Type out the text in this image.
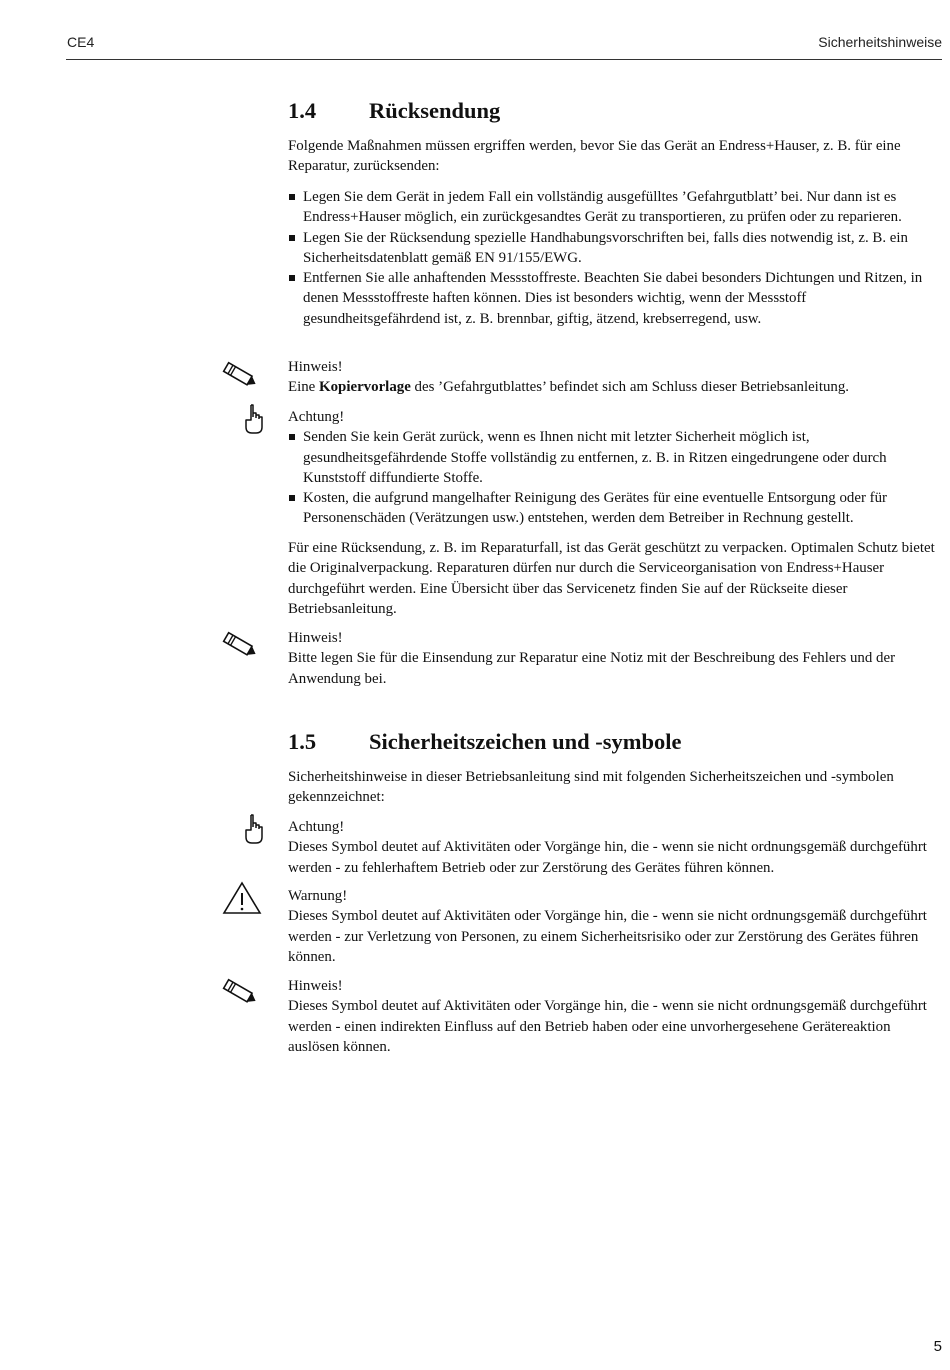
CE4	Sicherheitshinweise
1.4 Rücksendung

Folgende Maßnahmen müssen ergriffen werden, bevor Sie das Gerät an Endress+Hauser, z. B. für eine Reparatur, zurücksenden:

Legen Sie dem Gerät in jedem Fall ein vollständig ausgefülltes ’Gefahrgutblatt’ bei. Nur dann ist es Endress+Hauser möglich, ein zurückgesandtes Gerät zu transportieren, zu prüfen oder zu reparieren.
Legen Sie der Rücksendung spezielle Handhabungsvorschriften bei, falls dies notwendig ist, z. B. ein Sicherheitsdatenblatt gemäß EN 91/155/EWG.
Entfernen Sie alle anhaftenden Messstoffreste. Beachten Sie dabei besonders Dichtungen und Ritzen, in denen Messstoffreste haften können. Dies ist besonders wichtig, wenn der Messstoff gesundheitsgefährdend ist, z. B. brennbar, giftig, ätzend, krebserregend, usw.
Hinweis!

Eine Kopiervorlage des ’Gefahrgutblattes’ befindet sich am Schluss dieser Betriebsanleitung.

Achtung!
Senden Sie kein Gerät zurück, wenn es Ihnen nicht mit letzter Sicherheit möglich ist, gesundheitsgefährdende Stoffe vollständig zu entfernen, z. B. in Ritzen eingedrungene oder durch Kunststoff diffundierte Stoffe.
Kosten, die aufgrund mangelhafter Reinigung des Gerätes für eine eventuelle Entsorgung oder für Personenschäden (Verätzungen usw.) entstehen, werden dem Betreiber in Rechnung gestellt.

Für eine Rücksendung, z. B. im Reparaturfall, ist das Gerät geschützt zu verpacken. Optimalen Schutz bietet die Originalverpackung. Reparaturen dürfen nur durch die Serviceorganisation von Endress+Hauser durchgeführt werden. Eine Übersicht über das Servicenetz finden Sie auf der Rückseite dieser Betriebsanleitung.

Hinweis!

Bitte legen Sie für die Einsendung zur Reparatur eine Notiz mit der Beschreibung des Fehlers und der Anwendung bei.

1.5 Sicherheitszeichen und -symbole

Sicherheitshinweise in dieser Betriebsanleitung sind mit folgenden Sicherheitszeichen und -symbolen gekennzeichnet:

Achtung!

Dieses Symbol deutet auf Aktivitäten oder Vorgänge hin, die - wenn sie nicht ordnungsgemäß durchgeführt werden - zu fehlerhaftem Betrieb oder zur Zerstörung des Gerätes führen können.

Warnung!

Dieses Symbol deutet auf Aktivitäten oder Vorgänge hin, die - wenn sie nicht ordnungsgemäß durchgeführt werden - zur Verletzung von Personen, zu einem Sicherheitsrisiko oder zur Zerstörung des Gerätes führen können.

Hinweis!

Dieses Symbol deutet auf Aktivitäten oder Vorgänge hin, die - wenn sie nicht ordnungsgemäß durchgeführt werden - einen indirekten Einfluss auf den Betrieb haben oder eine unvorhergesehene Gerätereaktion auslösen können.

5
